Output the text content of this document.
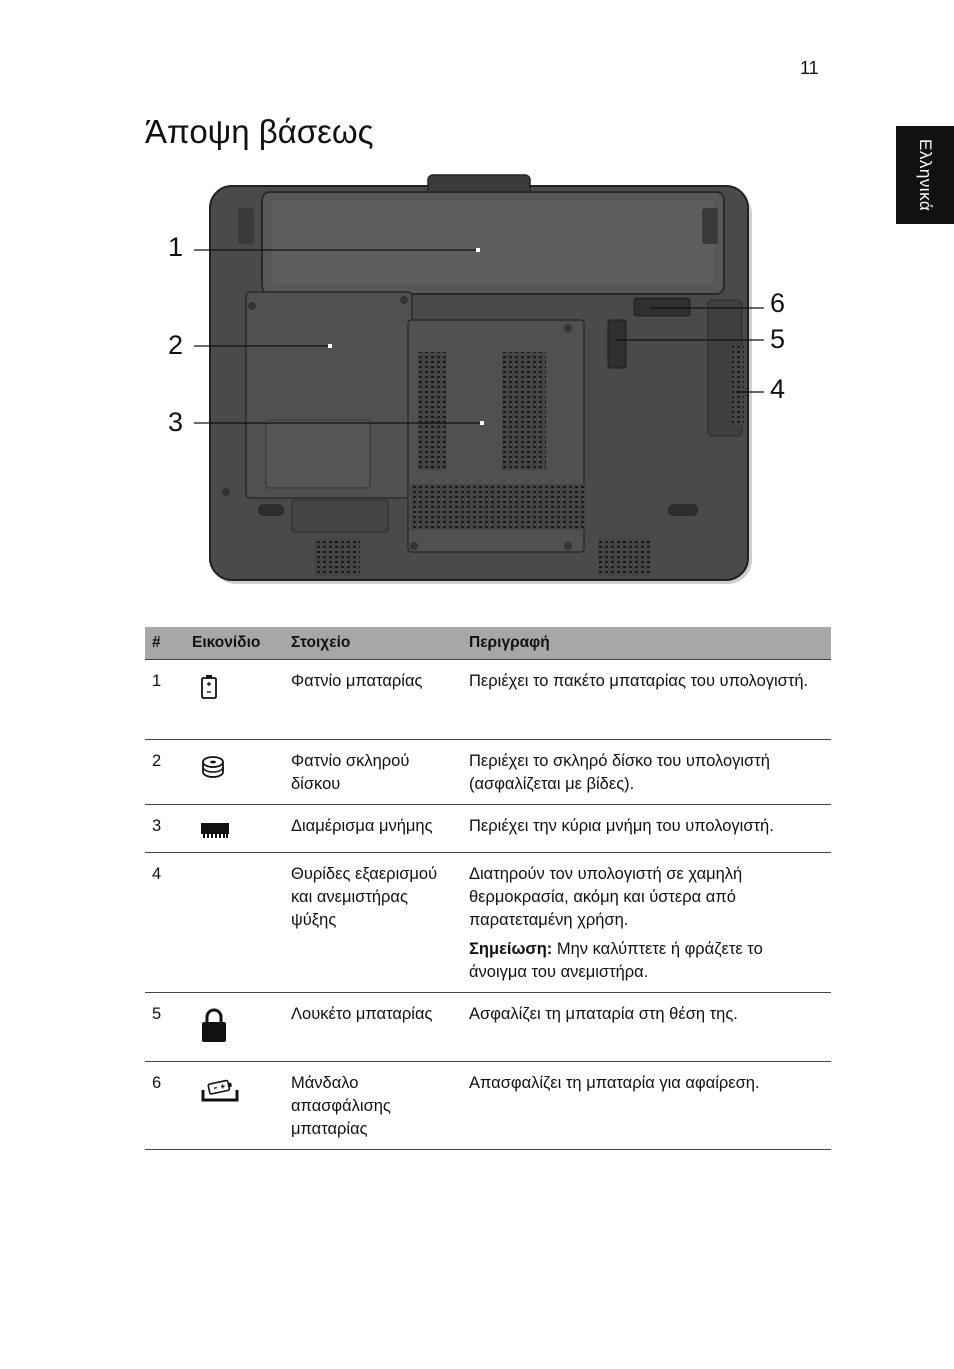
11
Ελληνικά
Άποψη βάσεως
1
2
3
4
5
6
#	Εικονίδιο	Στοιχείο	Περιγραφή
1		Φατνίο μπαταρίας	Περιέχει το πακέτο μπαταρίας του υπολογιστή.
2		Φατνίο σκληρού δίσκου	Περιέχει το σκληρό δίσκο του υπολογιστή (ασφαλίζεται με βίδες).
3		Διαμέρισμα μνήμης	Περιέχει την κύρια μνήμη του υπολογιστή.
4		Θυρίδες εξαερισμού και ανεμιστήρας ψύξης	Διατηρούν τον υπολογιστή σε χαμηλή θερμοκρασία, ακόμη και ύστερα από παρατεταμένη χρήση.

Σημείωση: Μην καλύπτετε ή φράζετε το άνοιγμα του ανεμιστήρα.

5		Λουκέτο μπαταρίας	Ασφαλίζει τη μπαταρία στη θέση της.
6		Μάνδαλο απασφάλισης μπαταρίας	Απασφαλίζει τη μπαταρία για αφαίρεση.
